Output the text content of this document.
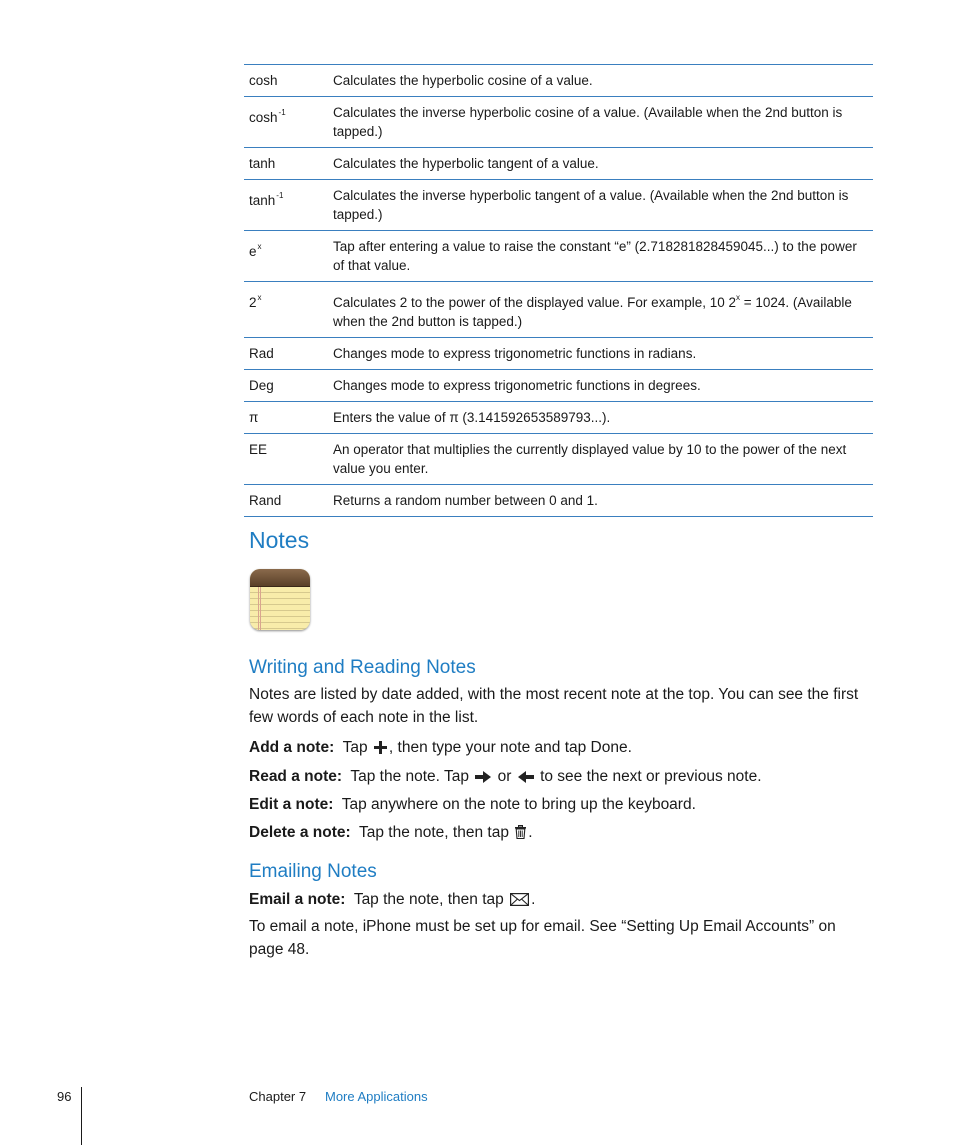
cosh	Calculates the hyperbolic cosine of a value.
$\cosh^{-1}$	Calculates the inverse hyperbolic cosine of a value. (Available when the 2nd button is tapped.)
tanh	Calculates the hyperbolic tangent of a value.
$\tanh^{-1}$	Calculates the inverse hyperbolic tangent of a value. (Available when the 2nd button is tapped.)
$e^x$	Tap after entering a value to raise the constant “e” (2.718281828459045...) to the power of that value.
2$^x$	Calculates 2 to the power of the displayed value. For example, 10 $2^x = 1024$. (Available when the 2nd button is tapped.)
Rad	Changes mode to express trigonometric functions in radians.
Deg	Changes mode to express trigonometric functions in degrees.
π	Enters the value of π (3.141592653589793...).
EE	An operator that multiplies the currently displayed value by 10 to the power of the next value you enter.
Rand	Returns a random number between 0 and 1.
Notes
Writing and Reading Notes

Notes are listed by date added, with the most recent note at the top. You can see the first few words of each note in the list.

Add a note: Tap , then type your note and tap Done.

Read a note: Tap the note. Tap or to see the next or previous note.

Edit a note: Tap anywhere on the note to bring up the keyboard.

Delete a note: Tap the note, then tap .

Emailing Notes

Email a note: Tap the note, then tap .

To email a note, iPhone must be set up for email. See “Setting Up Email Accounts” on page 48.

96	Chapter 7 More Applications
